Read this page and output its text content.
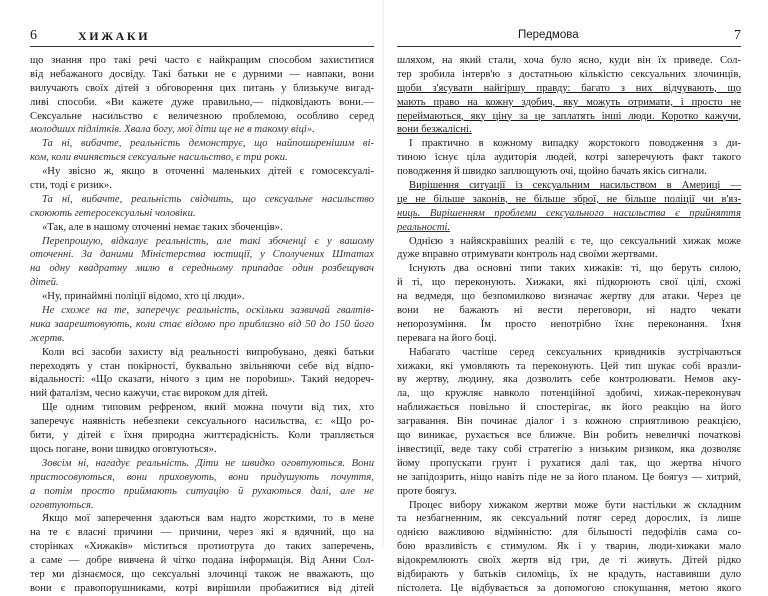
6	ХИЖАКИ
що знання про такі речі часто є найкращим способом захиститися
від небажаного досвіду. Такі батьки не є дурними — навпаки, вони
вилучають своїх дітей з обговорення цих питань у близькуче вигад-
ливі способи. «Ви кажете дуже правильно,— підковідають вони.—
Сексуальне насильство є величезною проблемою, особливо серед
молодших підлітків. Хвала богу, мої діти ще не в такому віці».
Та ні, вибачте, реальність демонструє, що найпоширенішим ві-
ком, коли вчиняється сексуальне насильство, є три роки.
«Ну звісно ж, якщо в оточенні маленьких дітей є гомосексуалі-
сти, тоді є ризик».
Та ні, вибачте, реальність свідчить, що сексуальне насильство
скоюють гетеросексуальні чоловіки.
«Так, але в нашому оточенні немає таких збоченців».
Перепрошую, відкалує реальність, але такі збоченці є у вашому
оточенні. За даними Міністерства юстиції, у Сполучених Штатах
на одну квадратну милю в середньому припадає один розбещувач
дітей.
«Ну, принаймні поліції відомо, хто ці люди».
Не схоже на те, заперечує реальність, оскільки зазвичай гвалтів-
ника заарештовують, коли стає відомо про приблизно від 50 до 150 його
жертв.
Коли всі засоби захисту від реальності випробувано, деякі батьки
переходять у стан покірності, буквально звільняючи себе від відпо-
відальності: «Що сказати, нічого з цим не порobиш». Такий недореч-
ний фаталізм, чесно кажучи, стає вироком для дітей.
Ще одним типовим рефреном, який можна почути від тих, хто
заперечує наявність небезпеки сексуального насильства, є: «Що ро-
бити, у дітей є їхня природна життєрадісність. Коли трапляється
щось погане, вони швидко оговтуються».
Зовсім ні, нагадує реальність. Діти не швидко оговтуються. Вони
пристосовуються, вони приховують, вони придушують почуття,
а потім просто приймають ситуацію й рухаються далі, але не
оговтуються.
Якщо мої заперечення здаються вам надто жорсткими, то в мене
на те є власні причини — причини, через які я вдячний, що на
сторінках «Хижаків» міститься протиотрута до таких заперечень,
а саме — добре вивчена й чітко подана інформація. Від Анни Сол-
тер ми дізнаємося, що сексуальні злочинці також не вважають, що
вони є правопорушниками, котрі вирішили пробажитися від дітей
Передмова	7
шляхом, на який стали, хоча було ясно, куди він їх приведе. Сол-
тер зробила інтерв'ю з достатньою кількістю сексуальних злочинців,
щоби з'ясувати найгіршу правду: багато з них відчувають, що
мають право на кожну здобич, яку можуть отримати, і просто не
переймаються, яку ціну за це заплатять інші люди. Коротко кажучи,
вони безжалісні.
І практично в кожному випадку жорстокого поводження з ди-
тиною існує ціла аудиторія людей, котрі заперечують факт такого
поводження й швидко заплющують очі, щойно бачать якісь сигнали.
Вирішення ситуації із сексуальним насильством в Америці —
це не більше законів, не більше зброї, не більше поліції чи в'яз-
ниць. Вирішенням проблеми сексуального насильства є прийняття
реальності.
Однією з найяскравіших реалій є те, що сексуальний хижак може
дуже вправно отримувати контроль над своїми жертвами.
Існують два основні типи таких хижаків: ті, що беруть силою,
й ті, що переконують. Хижаки, які підкорюють свої цілі, схожі
на ведмедя, що безпомилково визначає жертву для атаки. Через це
вони не бажають ні вести переговори, ні надто чекати
непорозуміння. Їм просто непотрібно їхнє переконання. Їхня
перевага на його боці.
Набагато частіше серед сексуальних кривдників зустрічаються
хижаки, які умовляють та переконують. Цей тип шукає собі вразли-
ву жертву, людину, яка дозволить себе контролювати. Немов аку-
ла, що кружляє навколо потенційної здобичі, хижак-переконувач
наближається повільно й спостерігає, як його реакцію на його
загравання. Він починає діалог і з кожною сприятливою реакцією,
що виникає, рухається все ближче. Він робить невеличкі початкові
інвестиції, веде таку собі стратегію з низьким ризиком, яка дозволяє
йому пропускати грунт і рухатися далі так, що жертва нічого
не запідозрить, ніщо навіть піде не за його планом. Це боягуз — хитрий,
проте боягуз.
Процес вибору хижаком жертви може бути настільки ж складним
та незбагненним, як сексуальний потяг серед дорослих, із лише
однією важливою відмінністю: для більшості педофілів сама со-
бою вразливість є стимулом. Як і у тварин, люди-хижаки мало
відокремлюють своїх жертв від гри, де ті живуть. Дітей рідко
відбирають у батьків силоміць, їх не крадуть, наставивши дуло
пістолета. Це відбувається за допомогою спокушання, метою якого
